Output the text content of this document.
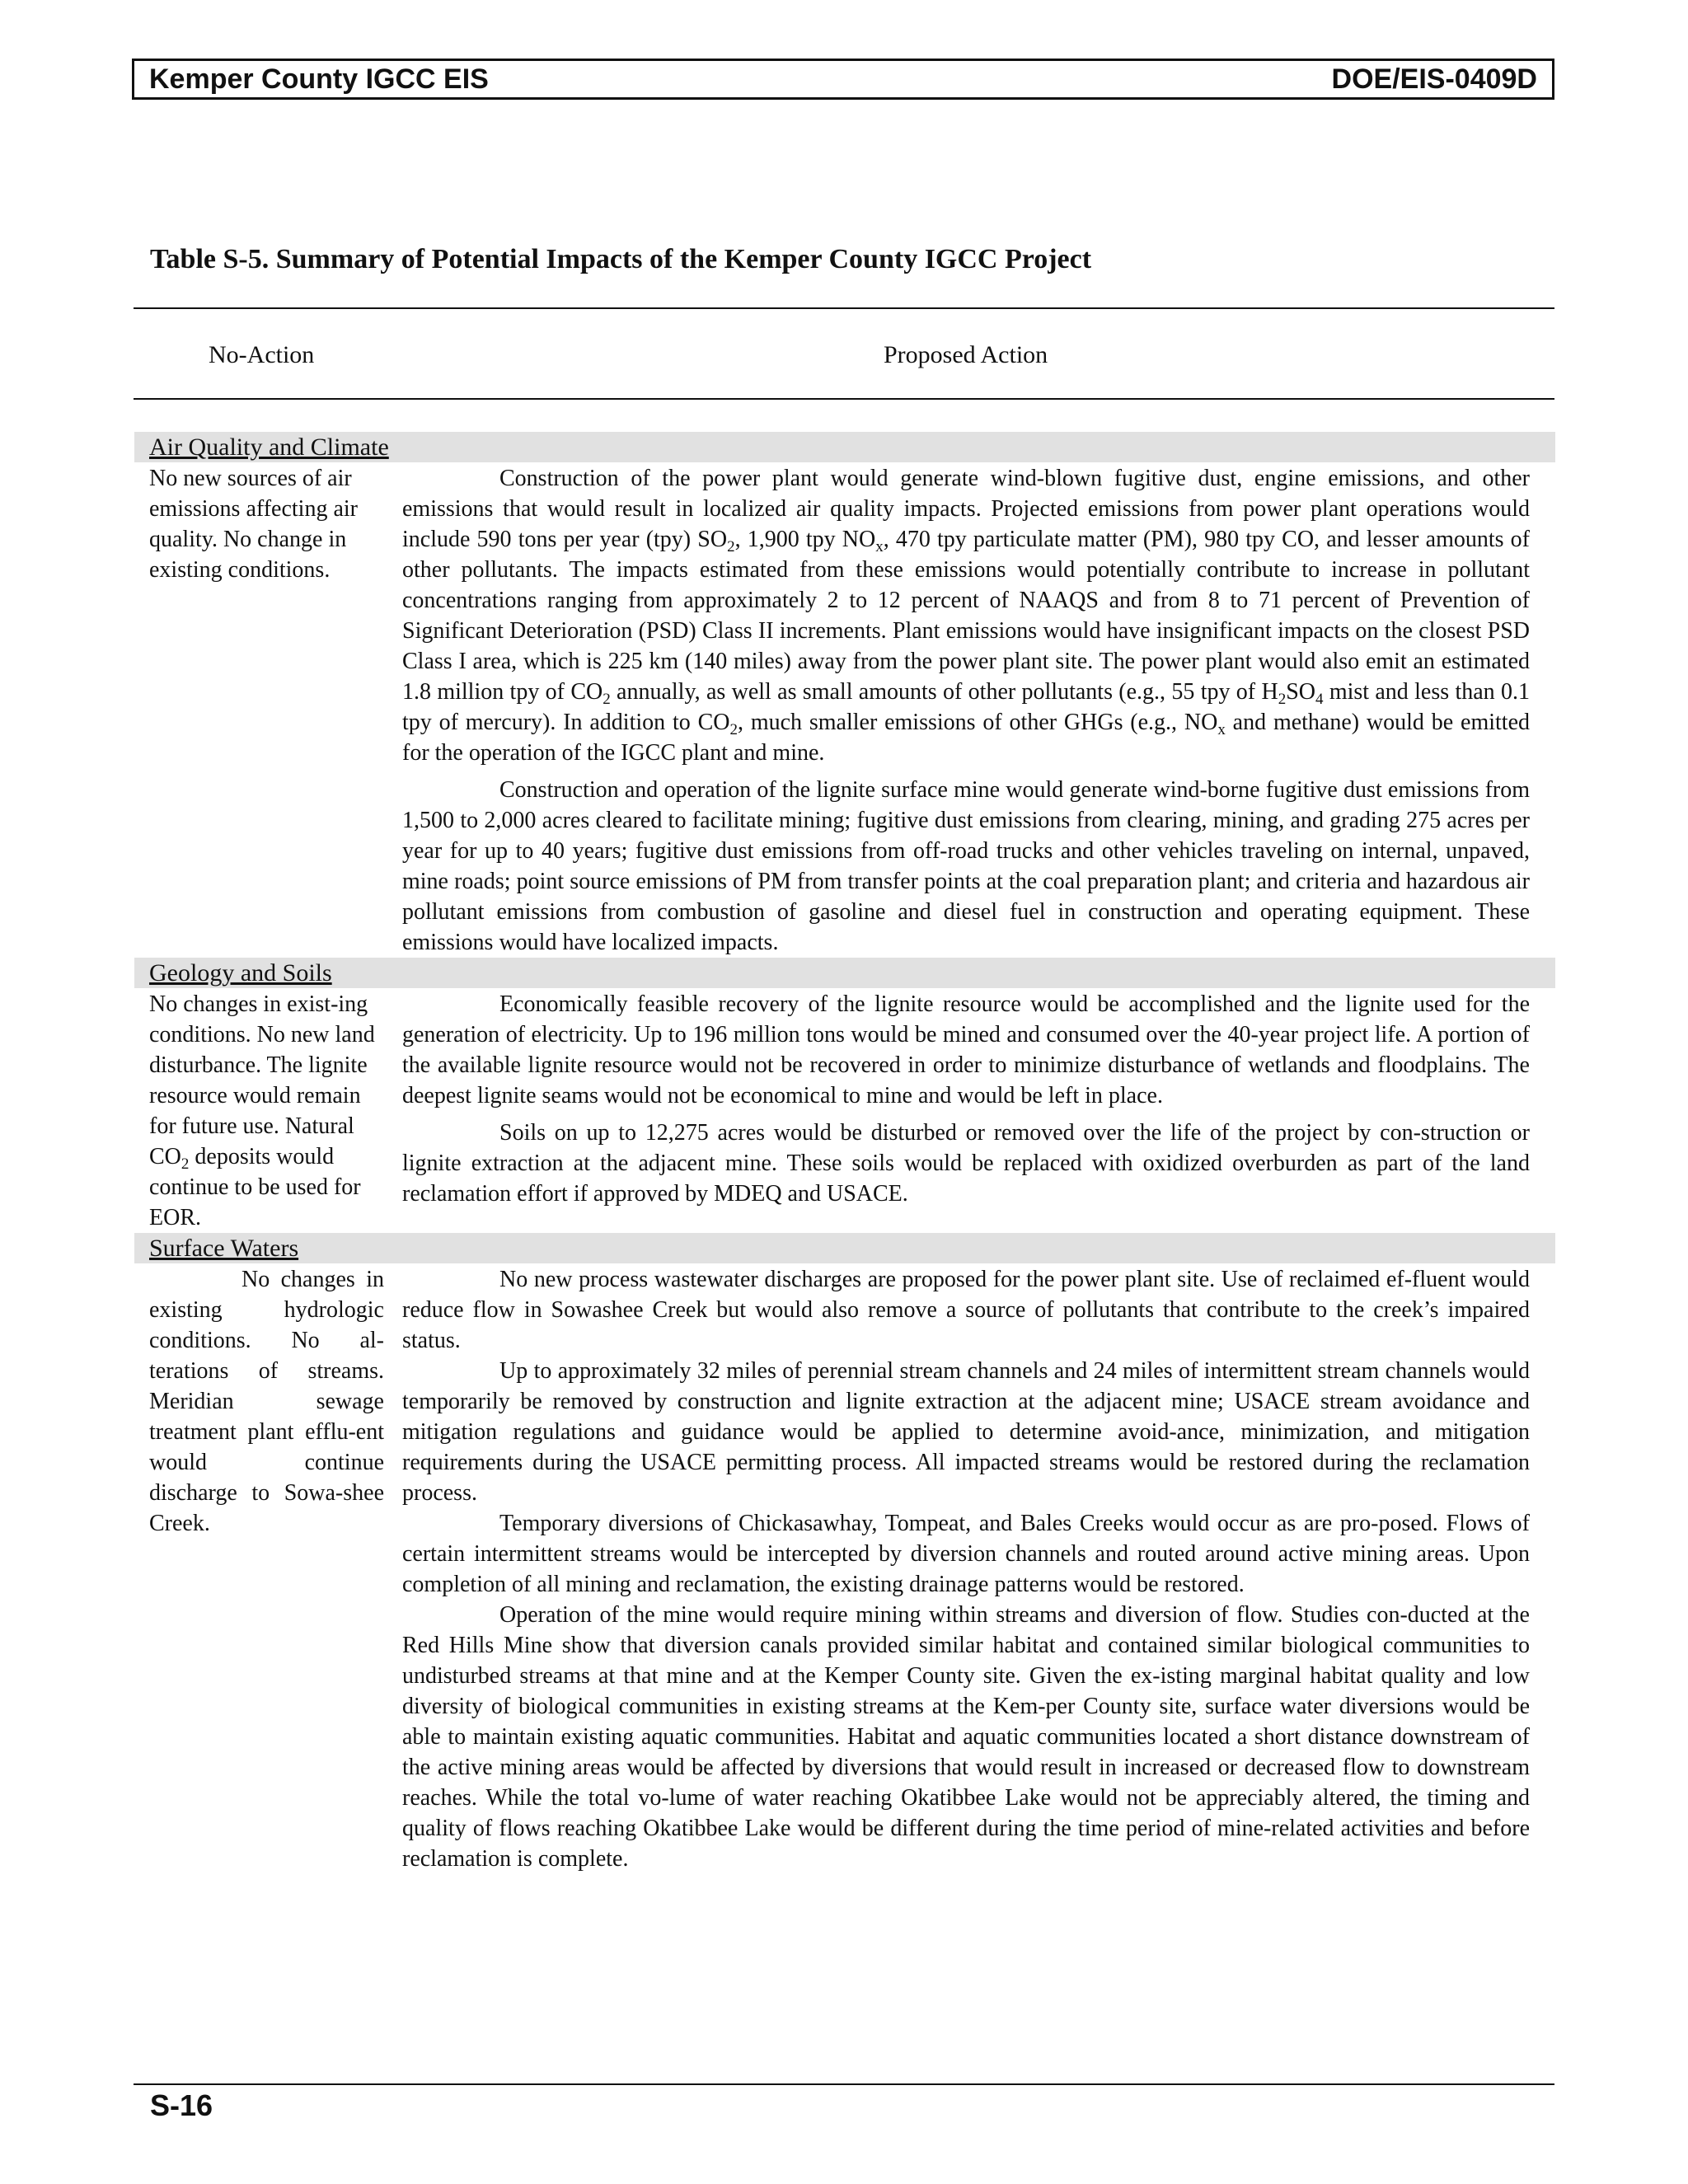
Kemper County IGCC EIS	DOE/EIS-0409D
Table S-5. Summary of Potential Impacts of the Kemper County IGCC Project
No-Action	Proposed Action
Air Quality and Climate
No new sources of air emissions affecting air quality. No change in existing conditions.

Construction of the power plant would generate wind-blown fugitive dust, engine emissions, and other emissions that would result in localized air quality impacts. Projected emissions from power plant operations would include 590 tons per year (tpy) $SO_2$, 1,900 tpy $NO_x$, 470 tpy particulate matter (PM), 980 tpy CO, and lesser amounts of other pollutants. The impacts estimated from these emissions would potentially contribute to increase in pollutant concentrations ranging from approximately 2 to 12 percent of NAAQS and from 8 to 71 percent of Prevention of Significant Deterioration (PSD) Class II increments. Plant emissions would have insignificant impacts on the closest PSD Class I area, which is 225 km (140 miles) away from the power plant site. The power plant would also emit an estimated 1.8 million tpy of $CO_2$ annually, as well as small amounts of other pollutants (e.g., 55 tpy of $H_2SO_4$ mist and less than 0.1 tpy of mercury). In addition to $CO_2$, much smaller emissions of other GHGs (e.g., $NO_x$ and methane) would be emitted for the operation of the IGCC plant and mine.

Construction and operation of the lignite surface mine would generate wind-borne fugitive dust emissions from 1,500 to 2,000 acres cleared to facilitate mining; fugitive dust emissions from clearing, mining, and grading 275 acres per year for up to 40 years; fugitive dust emissions from off-road trucks and other vehicles traveling on internal, unpaved, mine roads; point source emissions of PM from transfer points at the coal preparation plant; and criteria and hazardous air pollutant emissions from combustion of gasoline and diesel fuel in construction and operating equipment. These emissions would have localized impacts.

Geology and Soils
No changes in exist-ing conditions. No new land disturbance. The lignite resource would remain for future use. Natural $CO_2$ deposits would continue to be used for EOR.

Economically feasible recovery of the lignite resource would be accomplished and the lignite used for the generation of electricity. Up to 196 million tons would be mined and consumed over the 40-year project life. A portion of the available lignite resource would not be recovered in order to minimize disturbance of wetlands and floodplains. The deepest lignite seams would not be economical to mine and would be left in place.

Soils on up to 12,275 acres would be disturbed or removed over the life of the project by con-struction or lignite extraction at the adjacent mine. These soils would be replaced with oxidized overburden as part of the land reclamation effort if approved by MDEQ and USACE.

Surface Waters
No changes in existing hydrologic conditions. No al-terations of streams. Meridian sewage treatment plant efflu-ent would continue discharge to Sowa-shee Creek.

No new process wastewater discharges are proposed for the power plant site. Use of reclaimed ef-fluent would reduce flow in Sowashee Creek but would also remove a source of pollutants that contribute to the creek’s impaired status.

Up to approximately 32 miles of perennial stream channels and 24 miles of intermittent stream channels would temporarily be removed by construction and lignite extraction at the adjacent mine; USACE stream avoidance and mitigation regulations and guidance would be applied to determine avoid-ance, minimization, and mitigation requirements during the USACE permitting process. All impacted streams would be restored during the reclamation process.

Temporary diversions of Chickasawhay, Tompeat, and Bales Creeks would occur as are pro-posed. Flows of certain intermittent streams would be intercepted by diversion channels and routed around active mining areas. Upon completion of all mining and reclamation, the existing drainage patterns would be restored.

Operation of the mine would require mining within streams and diversion of flow. Studies con-ducted at the Red Hills Mine show that diversion canals provided similar habitat and contained similar biological communities to undisturbed streams at that mine and at the Kemper County site. Given the ex-isting marginal habitat quality and low diversity of biological communities in existing streams at the Kem-per County site, surface water diversions would be able to maintain existing aquatic communities. Habitat and aquatic communities located a short distance downstream of the active mining areas would be affected by diversions that would result in increased or decreased flow to downstream reaches. While the total vo-lume of water reaching Okatibbee Lake would not be appreciably altered, the timing and quality of flows reaching Okatibbee Lake would be different during the time period of mine-related activities and before reclamation is complete.

S-16
